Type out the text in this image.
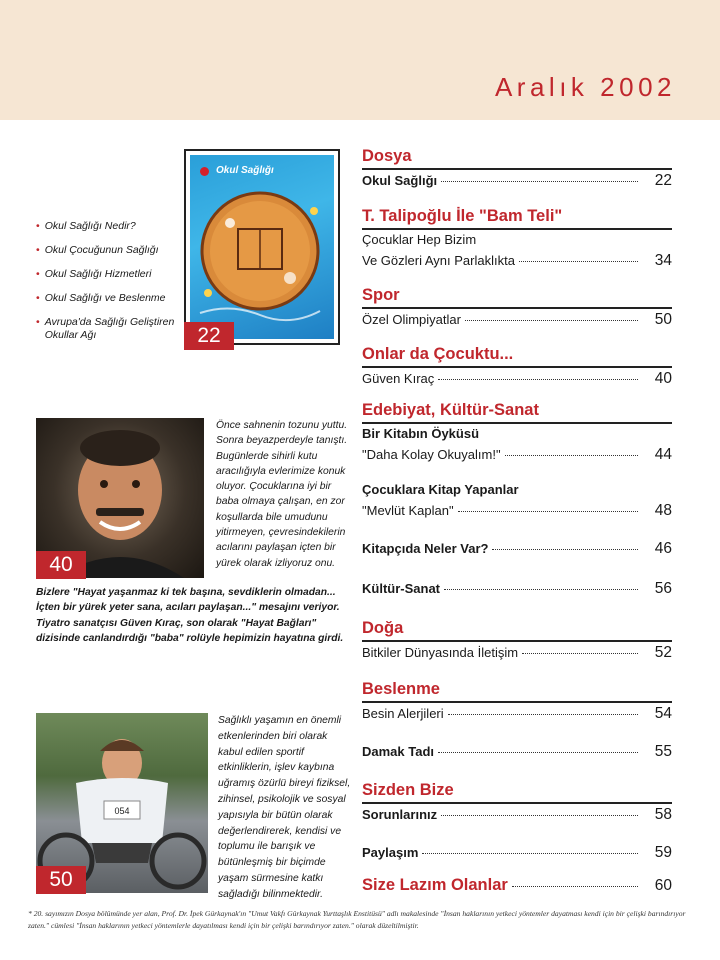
Aralık 2002
Okul Sağlığı
22
• Okul Sağlığı Nedir?
• Okul Çocuğunun Sağlığı
• Okul Sağlığı Hizmetleri
• Okul Sağlığı ve Beslenme
• Avrupa'da Sağlığı Geliştiren Okullar Ağı
40
Önce sahnenin tozunu yuttu. Sonra beyazperdeyle tanıştı. Bugünlerde sihirli kutu aracılığıyla evlerimize konuk oluyor. Çocuklarına iyi bir baba olmaya çalışan, en zor koşullarda bile umudunu yitirmeyen, çevresindekilerin acılarını paylaşan içten bir yürek olarak izliyoruz onu.
Bizlere "Hayat yaşanmaz ki tek başına, sevdiklerin olmadan... İçten bir yürek yeter sana, acıları paylaşan..." mesajını veriyor. Tiyatro sanatçısı Güven Kıraç, son olarak "Hayat Bağları" dizisinde canlandırdığı "baba" rolüyle hepimizin hayatına girdi.
054
50
Sağlıklı yaşamın en önemli etkenlerinden biri olarak kabul edilen sportif etkinliklerin, işlev kaybına uğramış özürlü bireyi fiziksel, zihinsel, psikolojik ve sosyal yapısıyla bir bütün olarak değerlendirerek, kendisi ve toplumu ile barışık ve bütünleşmiş bir biçimde yaşam sürmesine katkı sağladığı bilinmektedir.
Dosya
Okul Sağlığı	22
T. Talipoğlu İle "Bam Teli"
Çocuklar Hep Bizim
Ve Gözleri Aynı Parlaklıkta	34
Spor
Özel Olimpiyatlar	50
Onlar da Çocuktu...
Güven Kıraç	40
Edebiyat, Kültür-Sanat
Bir Kitabın Öyküsü
"Daha Kolay Okuyalım!"	44
Çocuklara Kitap Yapanlar
"Mevlüt Kaplan"	48
Kitapçıda Neler Var?	46
Kültür-Sanat	56
Doğa
Bitkiler Dünyasında İletişim	52
Beslenme
Besin Alerjileri	54
Damak Tadı	55
Sizden Bize
Sorunlarınız	58
Paylaşım	59
Size Lazım Olanlar	60
* 20. sayımızın Dosya bölümünde yer alan, Prof. Dr. İpek Gürkaynak'ın "Umut Vakfı Gürkaynak Yurttaşlık Enstitüsü" adlı makalesinde "İnsan haklarının yetkeci yöntemler dayatması kendi için bir çelişki barındırıyor zaten." cümlesi "İnsan haklarının yetkeci yöntemlerle dayatılması kendi için bir çelişki barındırıyor zaten." olarak düzeltilmiştir.
